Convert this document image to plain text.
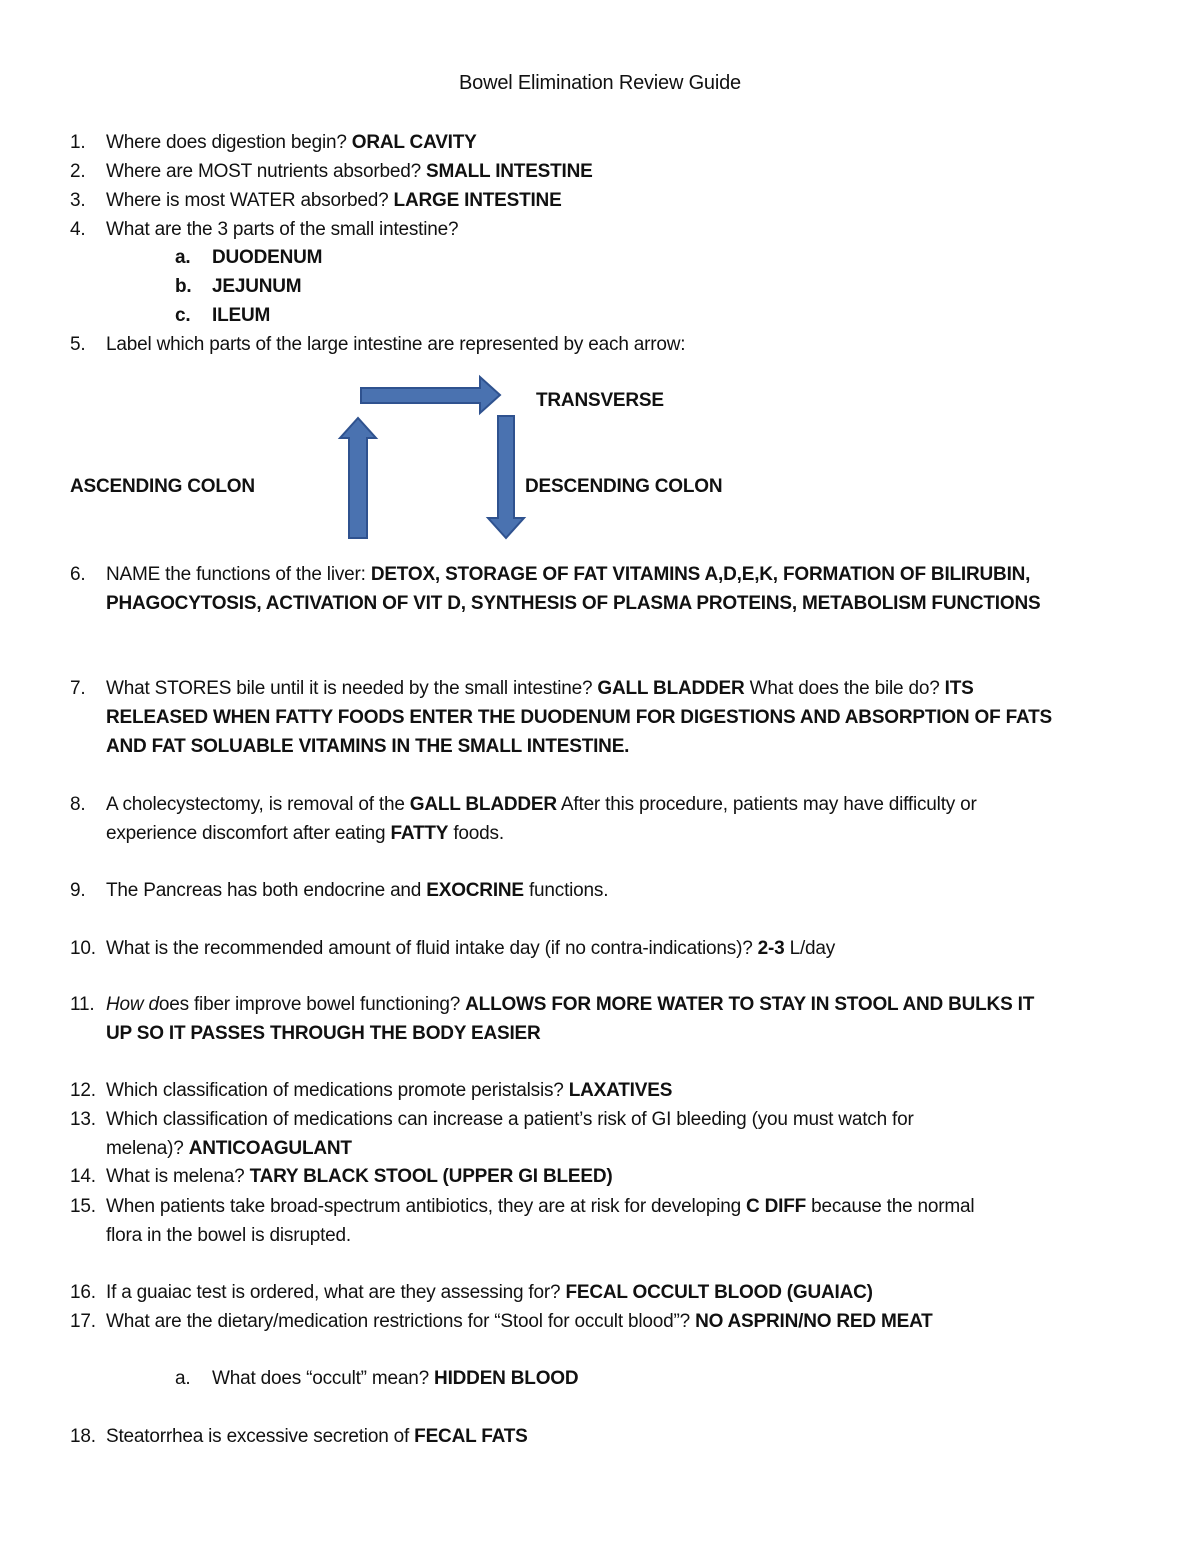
Bowel Elimination Review Guide
1. Where does digestion begin? ORAL CAVITY
2. Where are MOST nutrients absorbed? SMALL INTESTINE
3. Where is most WATER absorbed? LARGE INTESTINE
4. What are the 3 parts of the small intestine?
a. DUODENUM
b. JEJUNUM
c. ILEUM
5. Label which parts of the large intestine are represented by each arrow:
TRANSVERSE
ASCENDING COLON	DESCENDING COLON
6. NAME the functions of the liver: DETOX, STORAGE OF FAT VITAMINS A,D,E,K, FORMATION OF BILIRUBIN,
PHAGOCYTOSIS, ACTIVATION OF VIT D, SYNTHESIS OF PLASMA PROTEINS, METABOLISM FUNCTIONS
7. What STORES bile until it is needed by the small intestine? GALL BLADDER What does the bile do? ITS
RELEASED WHEN FATTY FOODS ENTER THE DUODENUM FOR DIGESTIONS AND ABSORPTION OF FATS
AND FAT SOLUABLE VITAMINS IN THE SMALL INTESTINE.
8. A cholecystectomy, is removal of the GALL BLADDER After this procedure, patients may have difficulty or
experience discomfort after eating FATTY foods.
9. The Pancreas has both endocrine and EXOCRINE functions.
10. What is the recommended amount of fluid intake day (if no contra-indications)? 2-3 L/day
11. How does fiber improve bowel functioning? ALLOWS FOR MORE WATER TO STAY IN STOOL AND BULKS IT
UP SO IT PASSES THROUGH THE BODY EASIER
12. Which classification of medications promote peristalsis? LAXATIVES
13. Which classification of medications can increase a patient’s risk of GI bleeding (you must watch for
melena)? ANTICOAGULANT
14. What is melena? TARY BLACK STOOL (UPPER GI BLEED)
15. When patients take broad-spectrum antibiotics, they are at risk for developing C DIFF because the normal
flora in the bowel is disrupted.
16. If a guaiac test is ordered, what are they assessing for? FECAL OCCULT BLOOD (GUAIAC)
17. What are the dietary/medication restrictions for “Stool for occult blood”? NO ASPRIN/NO RED MEAT
a. What does “occult” mean? HIDDEN BLOOD
18. Steatorrhea is excessive secretion of FECAL FATS
